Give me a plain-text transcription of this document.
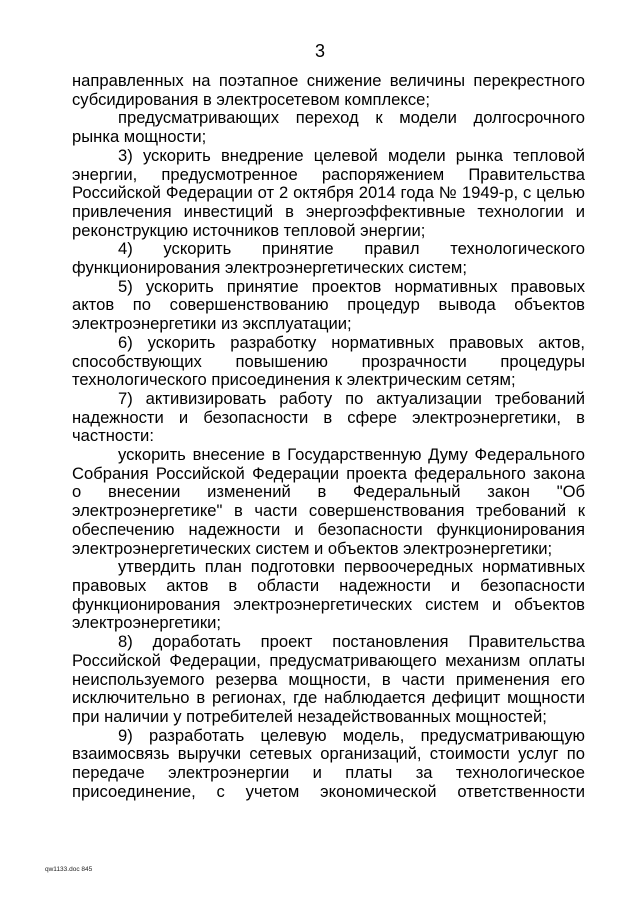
3

направленных на поэтапное снижение величины перекрестного субсидирования в электросетевом комплексе;

предусматривающих переход к модели долгосрочного рынка мощности;

3) ускорить внедрение целевой модели рынка тепловой энергии, предусмотренное распоряжением Правительства Российской Федерации от 2 октября 2014 года № 1949-р, с целью привлечения инвестиций в энергоэффективные технологии и реконструкцию источников тепловой энергии;

4) ускорить принятие правил технологического функционирования электроэнергетических систем;

5) ускорить принятие проектов нормативных правовых актов по совершенствованию процедур вывода объектов электроэнергетики из эксплуатации;

6) ускорить разработку нормативных правовых актов, способствующих повышению прозрачности процедуры технологического присоединения к электрическим сетям;

7) активизировать работу по актуализации требований надежности и безопасности в сфере электроэнергетики, в частности:

ускорить внесение в Государственную Думу Федерального Собрания Российской Федерации проекта федерального закона о внесении изменений в Федеральный закон "Об электроэнергетике" в части совершенствования требований к обеспечению надежности и безопасности функционирования электроэнергетических систем и объектов электроэнергетики;

утвердить план подготовки первоочередных нормативных правовых актов в области надежности и безопасности функционирования электроэнергетических систем и объектов электроэнергетики;

8) доработать проект постановления Правительства Российской Федерации, предусматривающего механизм оплаты неиспользуемого резерва мощности, в части применения его исключительно в регионах, где наблюдается дефицит мощности при наличии у потребителей незадействованных мощностей;

9) разработать целевую модель, предусматривающую взаимосвязь выручки сетевых организаций, стоимости услуг по передаче электроэнергии и платы за технологическое присоединение, с учетом экономической ответственности

qw1133.doc 845
